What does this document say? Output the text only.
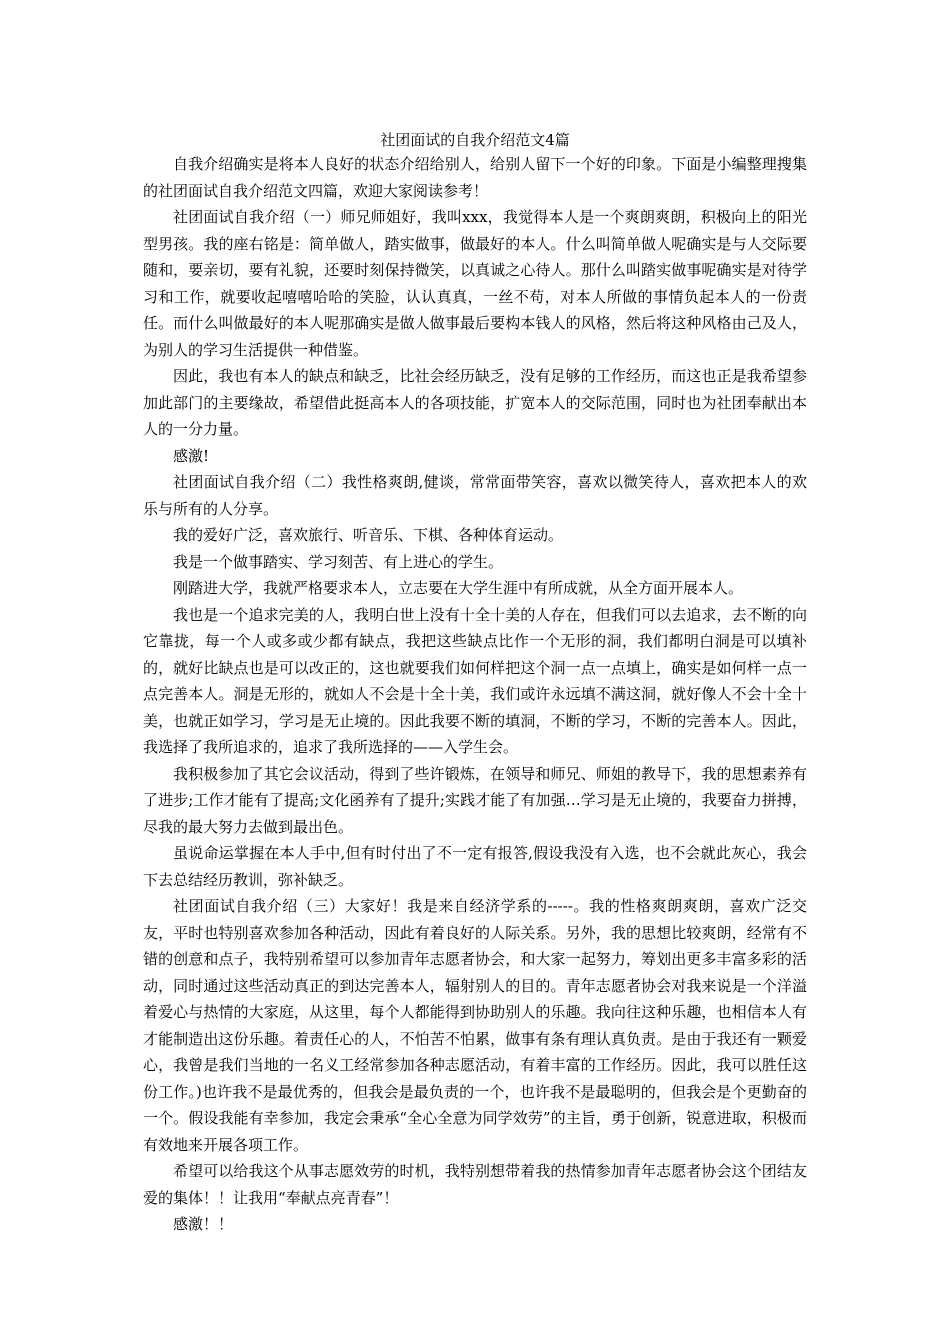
社团面试的自我介绍范文4篇

自我介绍确实是将本人良好的状态介绍给别人，给别人留下一个好的印象。下面是小编整理搜集的社团面试自我介绍范文四篇，欢迎大家阅读参考！

社团面试自我介绍（一）师兄师姐好，我叫xxx，我觉得本人是一个爽朗爽朗，积极向上的阳光型男孩。我的座右铭是：简单做人，踏实做事，做最好的本人。什么叫简单做人呢确实是与人交际要随和，要亲切，要有礼貌，还要时刻保持微笑，以真诚之心待人。那什么叫踏实做事呢确实是对待学习和工作，就要收起嘻嘻哈哈的笑脸，认认真真，一丝不苟，对本人所做的事情负起本人的一份责任。而什么叫做最好的本人呢那确实是做人做事最后要构本钱人的风格，然后将这种风格由己及人，为别人的学习生活提供一种借鉴。

因此，我也有本人的缺点和缺乏，比社会经历缺乏，没有足够的工作经历，而这也正是我希望参加此部门的主要缘故，希望借此挺高本人的各项技能，扩宽本人的交际范围，同时也为社团奉献出本人的一分力量。

感激!

社团面试自我介绍（二）我性格爽朗,健谈，常常面带笑容，喜欢以微笑待人，喜欢把本人的欢乐与所有的人分享。

我的爱好广泛，喜欢旅行、听音乐、下棋、各种体育运动。

我是一个做事踏实、学习刻苦、有上进心的学生。

刚踏进大学，我就严格要求本人，立志要在大学生涯中有所成就，从全方面开展本人。

我也是一个追求完美的人，我明白世上没有十全十美的人存在，但我们可以去追求，去不断的向它靠拢，每一个人或多或少都有缺点，我把这些缺点比作一个无形的洞，我们都明白洞是可以填补的，就好比缺点也是可以改正的，这也就要我们如何样把这个洞一点一点填上，确实是如何样一点一点完善本人。洞是无形的，就如人不会是十全十美，我们或许永远填不满这洞，就好像人不会十全十美，也就正如学习，学习是无止境的。因此我要不断的填洞，不断的学习，不断的完善本人。因此，我选择了我所追求的，追求了我所选择的——入学生会。

我积极参加了其它会议活动，得到了些许锻炼，在领导和师兄、师姐的教导下，我的思想素养有了进步;工作才能有了提高;文化函养有了提升;实践才能了有加强…学习是无止境的，我要奋力拼搏，尽我的最大努力去做到最出色。

虽说命运掌握在本人手中,但有时付出了不一定有报答,假设我没有入选，也不会就此灰心，我会下去总结经历教训，弥补缺乏。

社团面试自我介绍（三）大家好！我是来自经济学系的-----。我的性格爽朗爽朗，喜欢广泛交友，平时也特别喜欢参加各种活动，因此有着良好的人际关系。另外，我的思想比较爽朗，经常有不错的创意和点子，我特别希望可以参加青年志愿者协会，和大家一起努力，筹划出更多丰富多彩的活动，同时通过这些活动真正的到达完善本人，辐射别人的目的。青年志愿者协会对我来说是一个洋溢着爱心与热情的大家庭，从这里，每个人都能得到协助别人的乐趣。我向往这种乐趣，也相信本人有才能制造出这份乐趣。着责任心的人，不怕苦不怕累，做事有条有理认真负责。是由于我还有一颗爱心，我曾是我们当地的一名义工经常参加各种志愿活动，有着丰富的工作经历。因此，我可以胜任这份工作。)也许我不是最优秀的，但我会是最负责的一个，也许我不是最聪明的，但我会是个更勤奋的一个。假设我能有幸参加，我定会秉承“全心全意为同学效劳”的主旨，勇于创新，锐意进取，积极而有效地来开展各项工作。

希望可以给我这个从事志愿效劳的时机，我特别想带着我的热情参加青年志愿者协会这个团结友爱的集体！！让我用“奉献点亮青春”！

感激！！
